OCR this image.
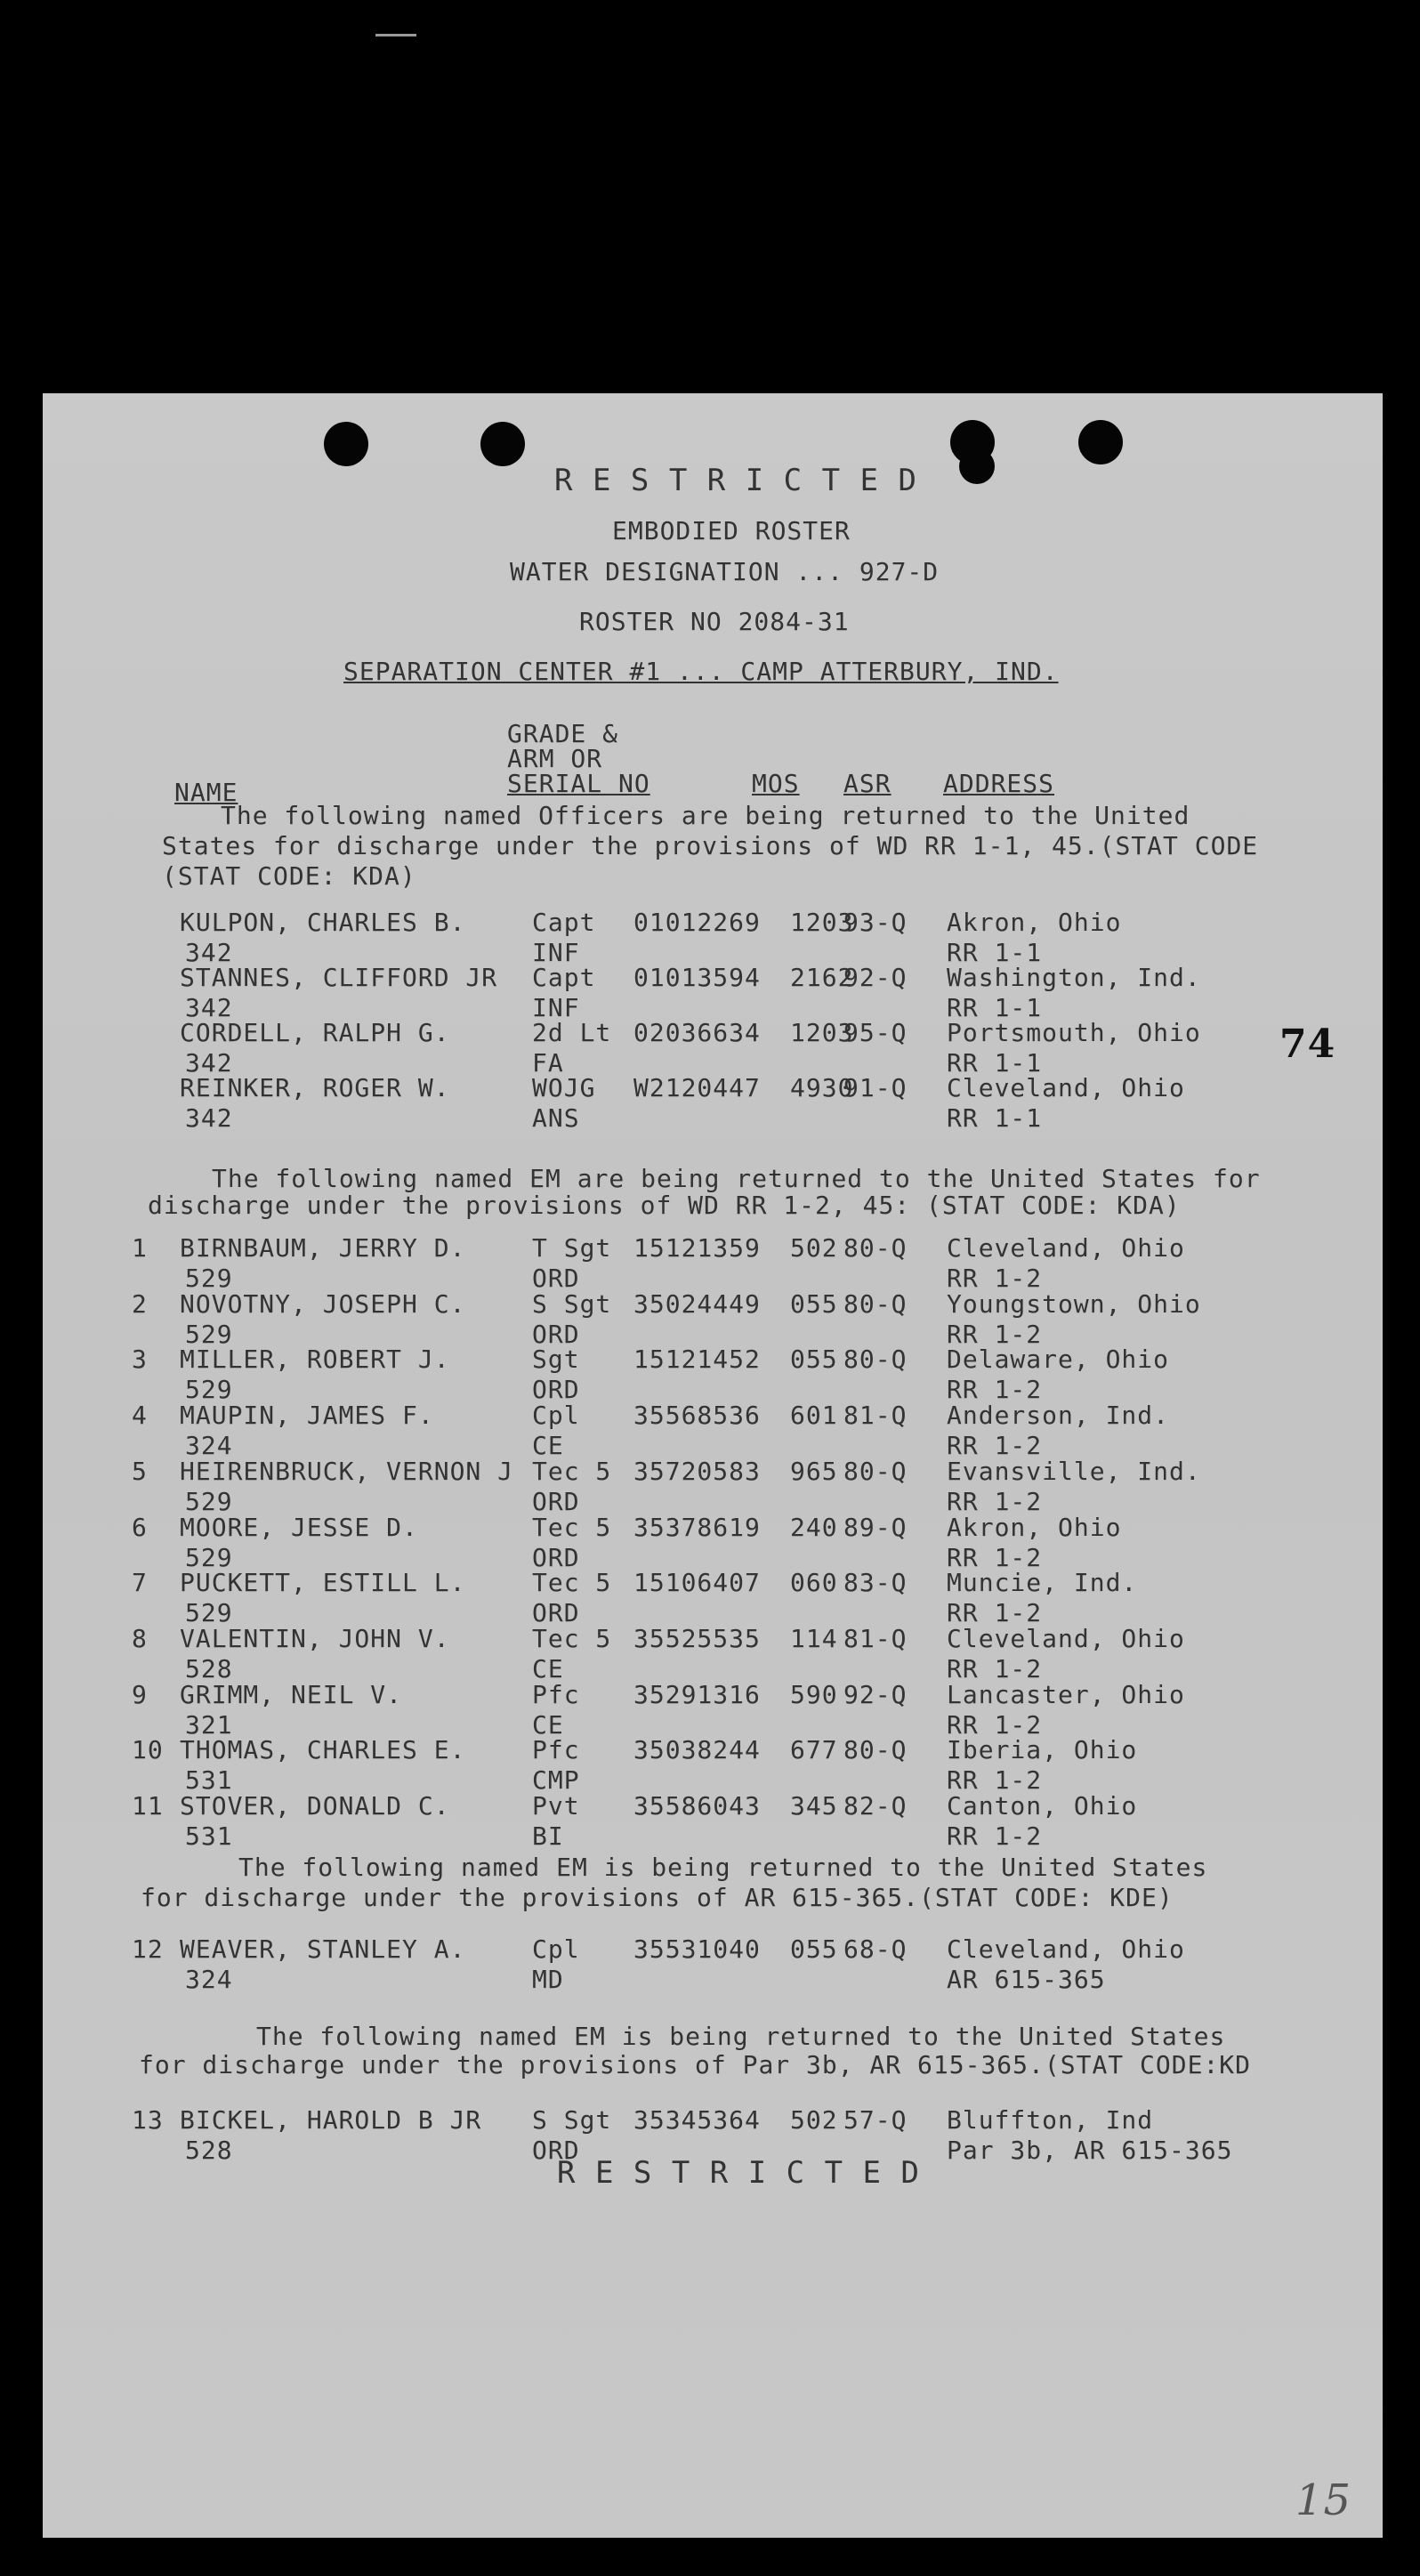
R E S T R I C T E D
EMBODIED ROSTER
WATER DESIGNATION ... 927-D
ROSTER NO 2084-31
SEPARATION CENTER #1 ... CAMP ATTERBURY, IND.
GRADE &
ARM OR
SERIAL NO
NAME	MOS ASR ADDRESS
The following named Officers are being returned to the United
States for discharge under the provisions of WD RR 1-1, 45.(STAT CODE
(STAT CODE: KDA)
KULPON, CHARLES B.
342
Capt
INF
01012269 1203
93-Q Akron, Ohio
RR 1-1
STANNES, CLIFFORD JR
342
Capt
INF
01013594 2162
92-Q Washington, Ind.
RR 1-1
CORDELL, RALPH G.
342
2d Lt
FA
02036634 1203
95-Q Portsmouth, Ohio
RR 1-1
REINKER, ROGER W.
342
WOJG
ANS
W2120447 4930
91-Q Cleveland, Ohio
RR 1-1
The following named EM are being returned to the United States for
discharge under the provisions of WD RR 1-2, 45: (STAT CODE: KDA)
1 BIRNBAUM, JERRY D.
529
T Sgt
ORD
15121359 502 80-Q Cleveland, Ohio
RR 1-2
2 NOVOTNY, JOSEPH C.
529
S Sgt
ORD
35024449 055 80-Q Youngstown, Ohio
RR 1-2
3 MILLER, ROBERT J.
529
Sgt
ORD
15121452 055 80-Q Delaware, Ohio
RR 1-2
4 MAUPIN, JAMES F.
324
Cpl
CE
35568536 601 81-Q Anderson, Ind.
RR 1-2
5 HEIRENBRUCK, VERNON J
529
Tec 5
ORD
35720583 965 80-Q Evansville, Ind.
RR 1-2
6 MOORE, JESSE D.
529
Tec 5
ORD
35378619 240 89-Q Akron, Ohio
RR 1-2
7 PUCKETT, ESTILL L.
529
Tec 5
ORD
15106407 060 83-Q Muncie, Ind.
RR 1-2
8 VALENTIN, JOHN V.
528
Tec 5
CE
35525535 114 81-Q Cleveland, Ohio
RR 1-2
9 GRIMM, NEIL V.
321
Pfc
CE
35291316 590 92-Q Lancaster, Ohio
RR 1-2
10 THOMAS, CHARLES E.
531
Pfc
CMP
35038244 677 80-Q Iberia, Ohio
RR 1-2
11 STOVER, DONALD C.
531
Pvt
BI
35586043 345 82-Q Canton, Ohio
RR 1-2
The following named EM is being returned to the United States
for discharge under the provisions of AR 615-365.(STAT CODE: KDE)
12 WEAVER, STANLEY A.
324
Cpl
MD
35531040 055 68-Q Cleveland, Ohio
AR 615-365
The following named EM is being returned to the United States
for discharge under the provisions of Par 3b, AR 615-365.(STAT CODE:KD
13 BICKEL, HAROLD B JR
528
S Sgt
ORD
35345364 502 57-Q Bluffton, Ind
Par 3b, AR 615-365
R E S T R I C T E D
74
15
